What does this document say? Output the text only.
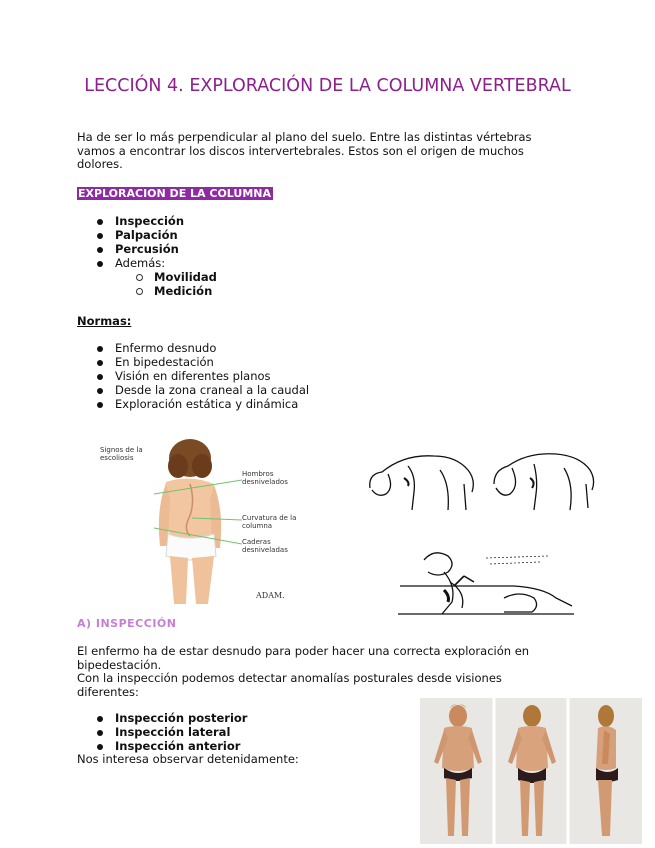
LECCIÓN 4. EXPLORACIÓN DE LA COLUMNA VERTEBRAL

Ha de ser lo más perpendicular al plano del suelo. Entre las distintas vértebras vamos a encontrar los discos intervertebrales. Estos son el origen de muchos dolores.

EXPLORACION DE LA COLUMNA
Inspección
Palpación
Percusión
Además:
Movilidad
Medición
Normas:
Enfermo desnudo
En bipedestación
Visión en diferentes planos
Desde la zona craneal a la caudal
Exploración estática y dinámica
Signos de la escoliosis
Hombros desnivelados
Curvatura de la columna
Caderas desniveladas
ADAM.
A) INSPECCIÓN

El enfermo ha de estar desnudo para poder hacer una correcta exploración en bipedestación.
Con la inspección podemos detectar anomalías posturales desde visiones diferentes:

Inspección posterior
Inspección lateral
Inspección anterior
Nos interesa observar detenidamente:
